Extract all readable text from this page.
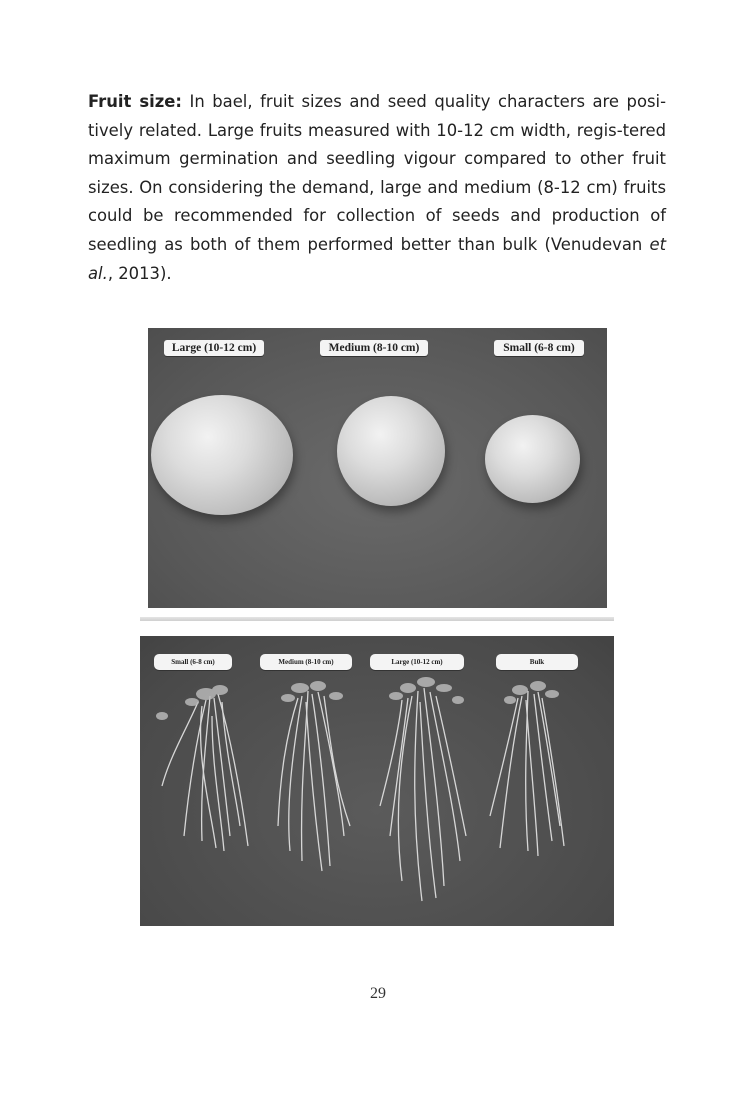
Fruit size: In bael, fruit sizes and seed quality characters are posi-tively related. Large fruits measured with 10-12 cm width, regis-tered maximum germination and seedling vigour compared to other fruit sizes. On considering the demand, large and medium (8-12 cm) fruits could be recommended for collection of seeds and production of seedling as both of them performed better than bulk (Venudevan et al., 2013).

Large (10-12 cm)	Medium (8-10 cm)	Small (6-8 cm)
Small (6-8 cm)	Medium (8-10 cm)	Large (10-12 cm)	Bulk
29
